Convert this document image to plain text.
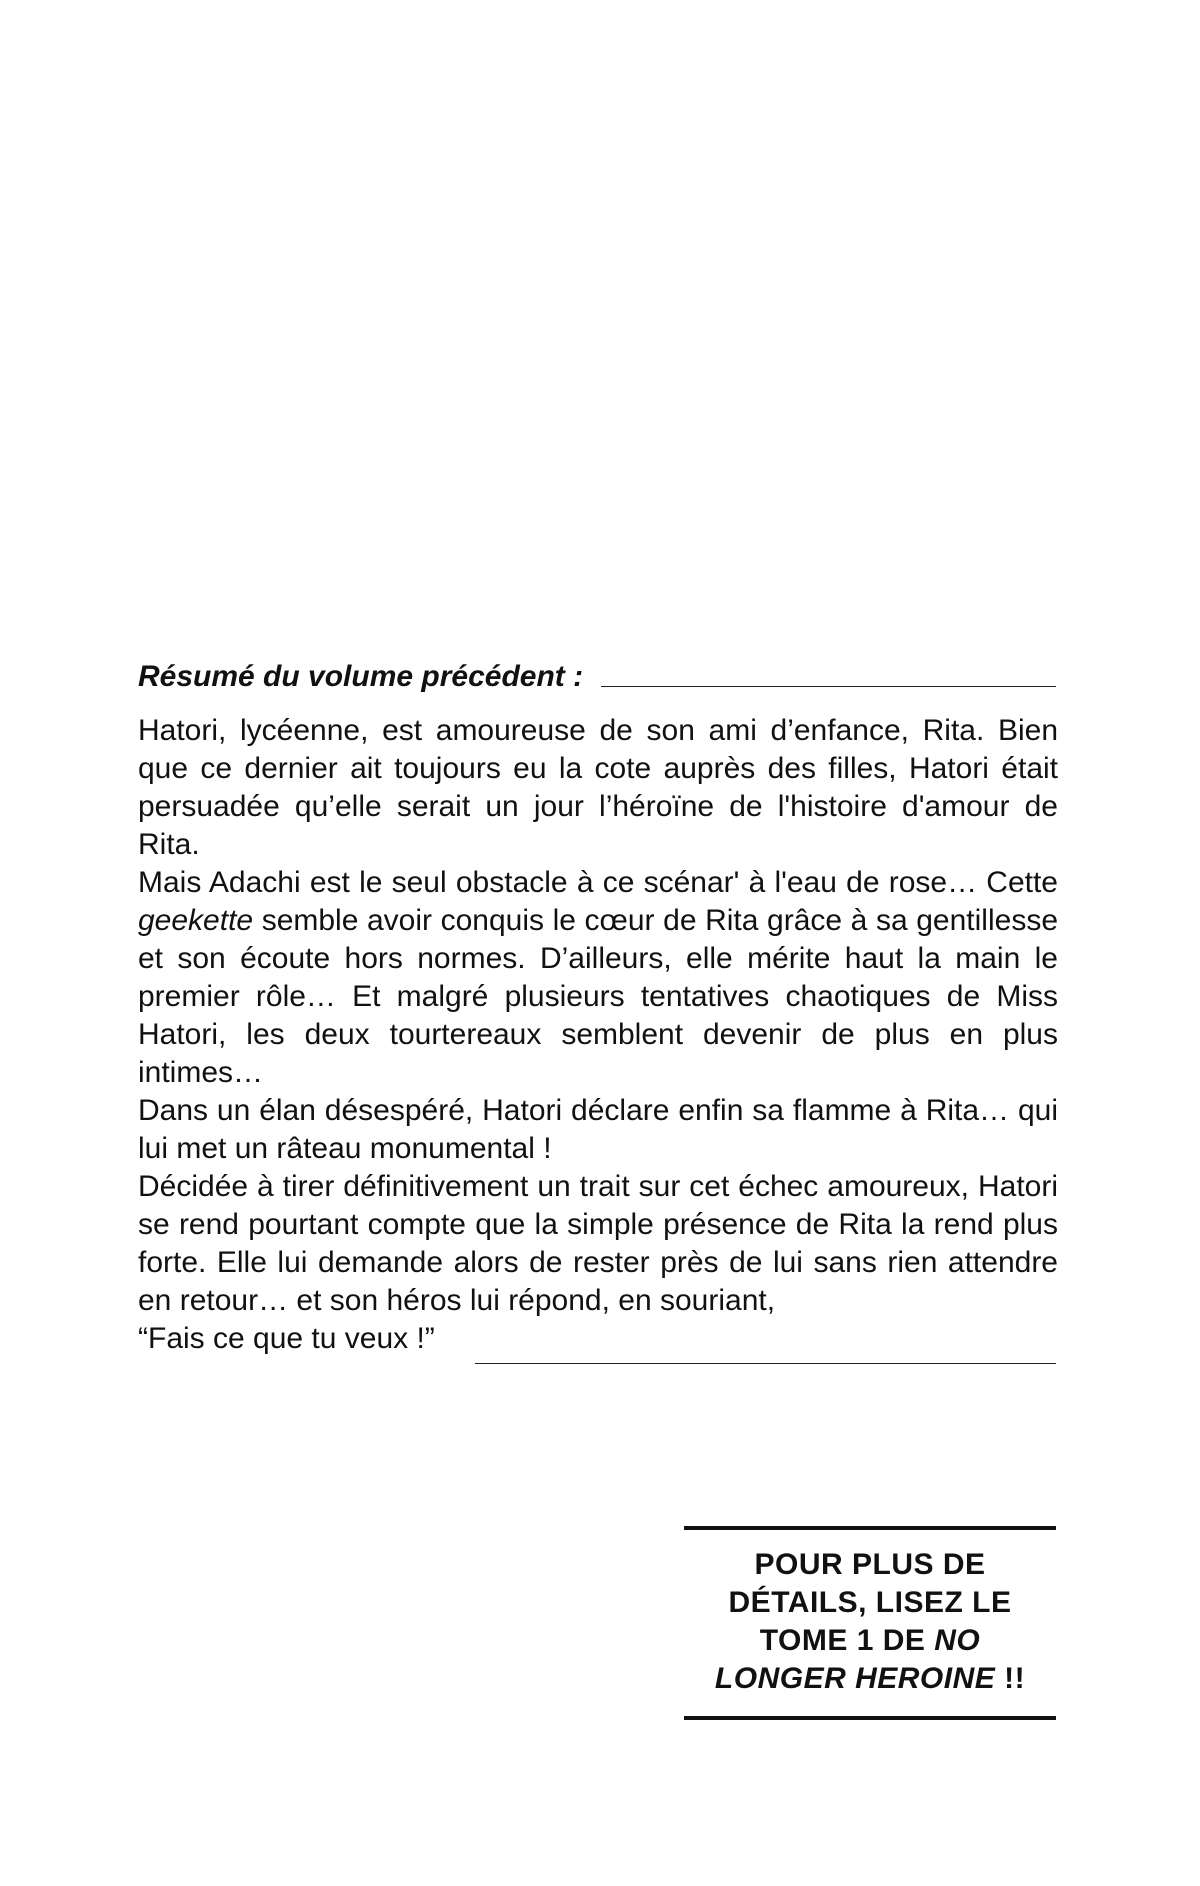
Résumé du volume précédent :

Hatori, lycéenne, est amoureuse de son ami d’enfance, Rita. Bien que ce dernier ait toujours eu la cote auprès des filles, Hatori était persuadée qu’elle serait un jour l’héroïne de l'histoire d'amour de Rita.

Mais Adachi est le seul obstacle à ce scénar' à l'eau de rose… Cette geekette semble avoir conquis le cœur de Rita grâce à sa gentillesse et son écoute hors normes. D’ailleurs, elle mérite haut la main le premier rôle… Et malgré plusieurs tentatives chaotiques de Miss Hatori, les deux tourtereaux semblent devenir de plus en plus intimes…

Dans un élan désespéré, Hatori déclare enfin sa flamme à Rita… qui lui met un râteau monumental !

Décidée à tirer définitivement un trait sur cet échec amoureux, Hatori se rend pourtant compte que la simple présence de Rita la rend plus forte. Elle lui demande alors de rester près de lui sans rien attendre en retour… et son héros lui répond, en souriant,

“Fais ce que tu veux !”

POUR PLUS DE
DÉTAILS, LISEZ LE
TOME 1 DE NO
LONGER HEROINE !!
